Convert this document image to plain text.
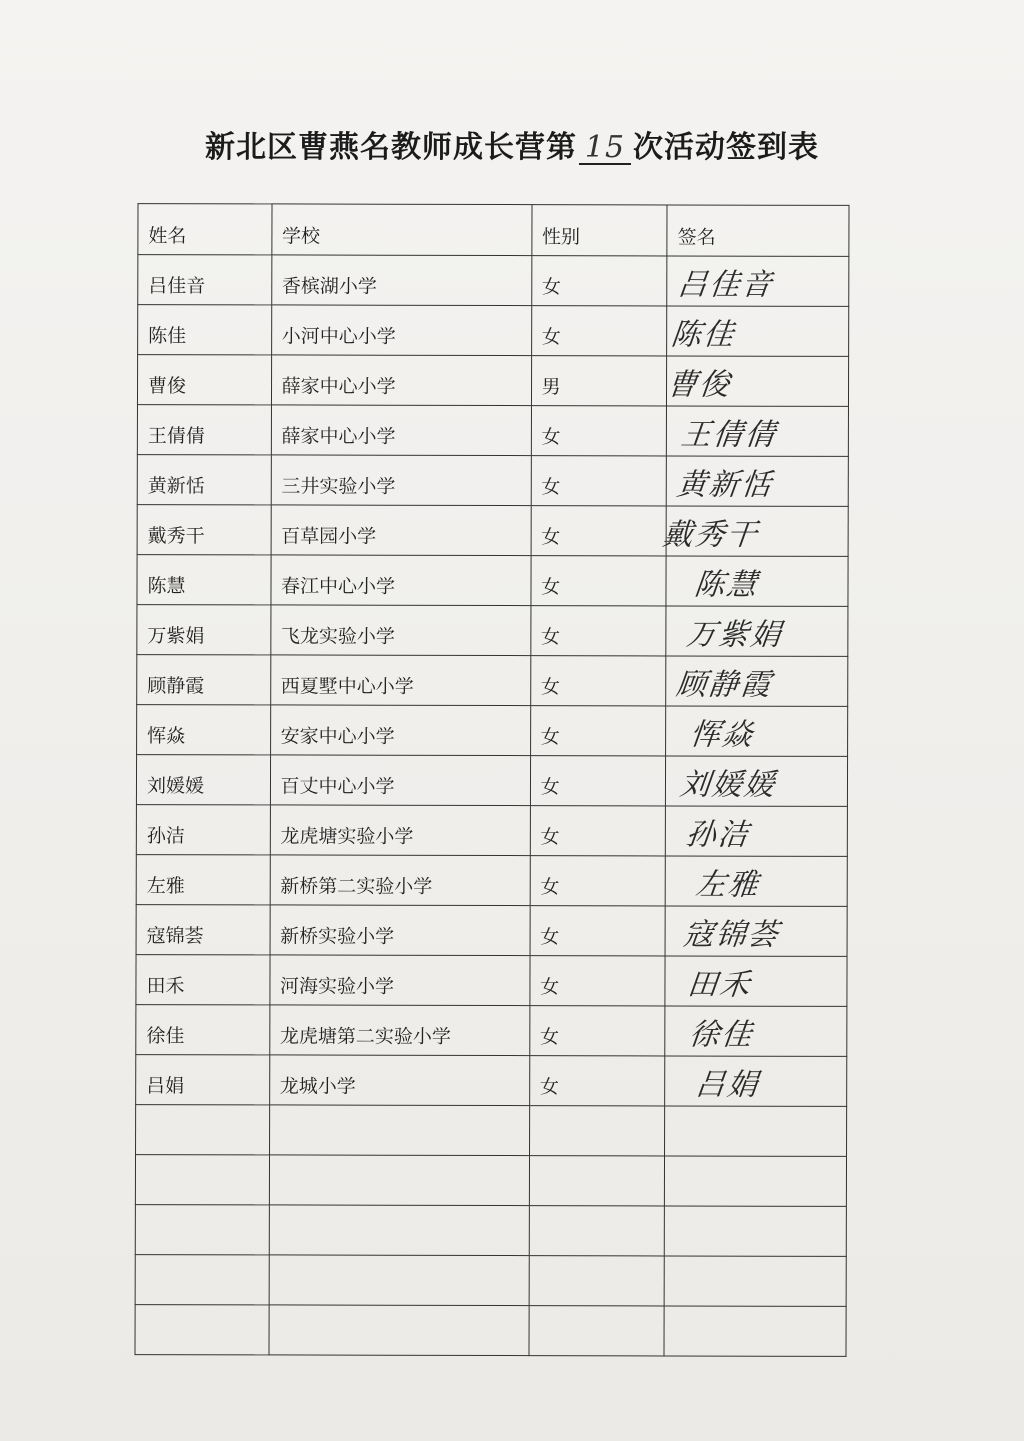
新北区曹燕名教师成长营第 15 次活动签到表
姓名	学校	性别	签名
吕佳音	香槟湖小学	女	吕佳音
陈佳	小河中心小学	女	陈佳
曹俊	薛家中心小学	男	曹俊
王倩倩	薛家中心小学	女	王倩倩
黄新恬	三井实验小学	女	黄新恬
戴秀干	百草园小学	女	戴秀干
陈慧	春江中心小学	女	陈慧
万紫娟	飞龙实验小学	女	万紫娟
顾静霞	西夏墅中心小学	女	顾静霞
恽焱	安家中心小学	女	恽焱
刘媛媛	百丈中心小学	女	刘媛媛
孙洁	龙虎塘实验小学	女	孙洁
左雅	新桥第二实验小学	女	左雅
寇锦荟	新桥实验小学	女	寇锦荟
田禾	河海实验小学	女	田禾
徐佳	龙虎塘第二实验小学	女	徐佳
吕娟	龙城小学	女	吕娟
